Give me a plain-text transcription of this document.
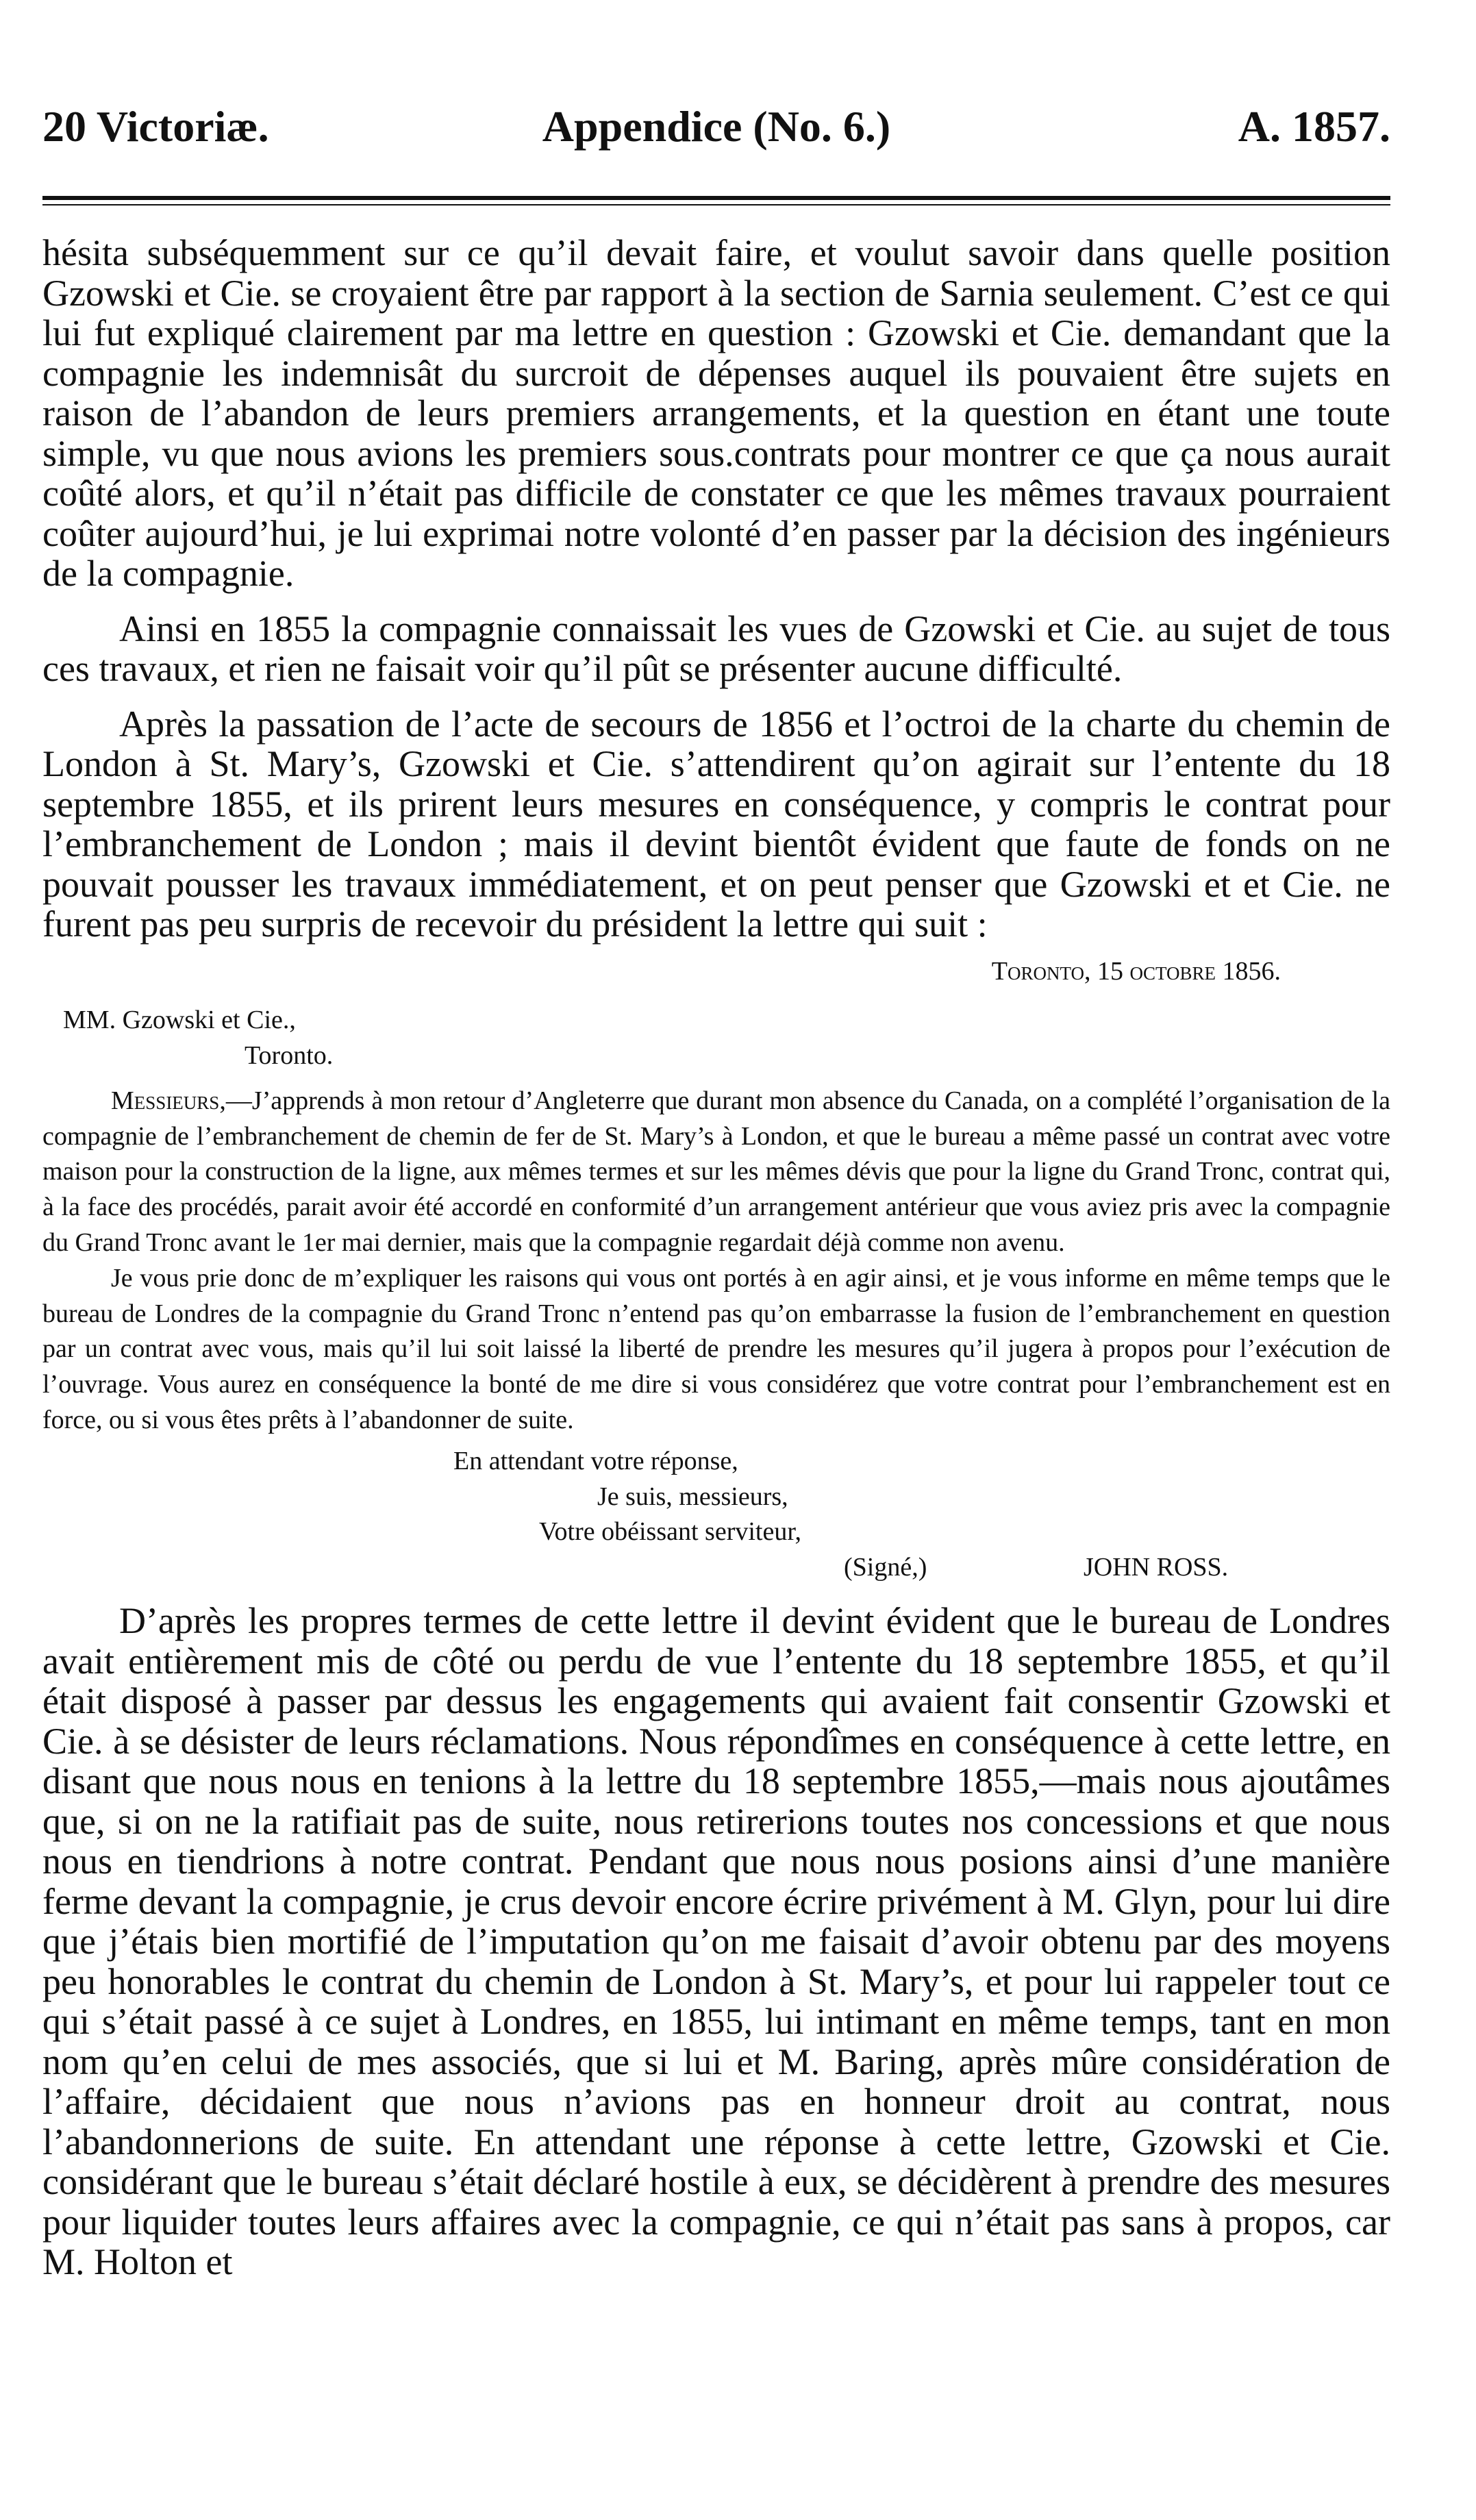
20 Victoriæ.	Appendice (No. 6.)	A. 1857.

hésita subséquemment sur ce qu’il devait faire, et voulut savoir dans quelle position Gzowski et Cie. se croyaient être par rapport à la section de Sarnia seulement. C’est ce qui lui fut expliqué clairement par ma lettre en question : Gzowski et Cie. demandant que la compagnie les indemnisât du surcroit de dépenses auquel ils pouvaient être sujets en raison de l’abandon de leurs premiers arrangements, et la question en étant une toute simple, vu que nous avions les premiers sous.contrats pour montrer ce que ça nous aurait coûté alors, et qu’il n’était pas difficile de constater ce que les mêmes travaux pourraient coûter aujourd’hui, je lui exprimai notre volonté d’en passer par la décision des ingénieurs de la compagnie.

Ainsi en 1855 la compagnie connaissait les vues de Gzowski et Cie. au sujet de tous ces travaux, et rien ne faisait voir qu’il pût se présenter aucune difficulté.

Après la passation de l’acte de secours de 1856 et l’octroi de la charte du chemin de London à St. Mary’s, Gzowski et Cie. s’attendirent qu’on agirait sur l’entente du 18 septembre 1855, et ils prirent leurs mesures en conséquence, y compris le contrat pour l’embranchement de London ; mais il devint bientôt évident que faute de fonds on ne pouvait pousser les travaux immédiatement, et on peut penser que Gzowski et et Cie. ne furent pas peu surpris de recevoir du président la lettre qui suit :

Toronto, 15 octobre 1856.

MM. Gzowski et Cie.,

Toronto.

Messieurs,—J’apprends à mon retour d’Angleterre que durant mon absence du Canada, on a complété l’organisation de la compagnie de l’embranchement de chemin de fer de St. Mary’s à London, et que le bureau a même passé un contrat avec votre maison pour la construction de la ligne, aux mêmes termes et sur les mêmes dévis que pour la ligne du Grand Tronc, contrat qui, à la face des procédés, parait avoir été accordé en conformité d’un arrangement antérieur que vous aviez pris avec la compagnie du Grand Tronc avant le 1er mai dernier, mais que la compagnie regardait déjà comme non avenu.

Je vous prie donc de m’expliquer les raisons qui vous ont portés à en agir ainsi, et je vous informe en même temps que le bureau de Londres de la compagnie du Grand Tronc n’entend pas qu’on embarrasse la fusion de l’embranchement en question par un contrat avec vous, mais qu’il lui soit laissé la liberté de prendre les mesures qu’il jugera à propos pour l’exécution de l’ouvrage. Vous aurez en conséquence la bonté de me dire si vous considérez que votre contrat pour l’embranchement est en force, ou si vous êtes prêts à l’abandonner de suite.

En attendant votre réponse,

Je suis, messieurs,

Votre obéissant serviteur,

(Signé,)	JOHN ROSS.

D’après les propres termes de cette lettre il devint évident que le bureau de Londres avait entièrement mis de côté ou perdu de vue l’entente du 18 septembre 1855, et qu’il était disposé à passer par dessus les engagements qui avaient fait consentir Gzowski et Cie. à se désister de leurs réclamations. Nous répondîmes en conséquence à cette lettre, en disant que nous nous en tenions à la lettre du 18 septembre 1855,—mais nous ajoutâmes que, si on ne la ratifiait pas de suite, nous retirerions toutes nos concessions et que nous nous en tiendrions à notre contrat. Pendant que nous nous posions ainsi d’une manière ferme devant la compagnie, je crus devoir encore écrire privément à M. Glyn, pour lui dire que j’étais bien mortifié de l’imputation qu’on me faisait d’avoir obtenu par des moyens peu honorables le contrat du chemin de London à St. Mary’s, et pour lui rappeler tout ce qui s’était passé à ce sujet à Londres, en 1855, lui intimant en même temps, tant en mon nom qu’en celui de mes associés, que si lui et M. Baring, après mûre considération de l’affaire, décidaient que nous n’avions pas en honneur droit au contrat, nous l’abandonnerions de suite. En attendant une réponse à cette lettre, Gzowski et Cie. considérant que le bureau s’était déclaré hostile à eux, se décidèrent à prendre des mesures pour liquider toutes leurs affaires avec la compagnie, ce qui n’était pas sans à propos, car M. Holton et
